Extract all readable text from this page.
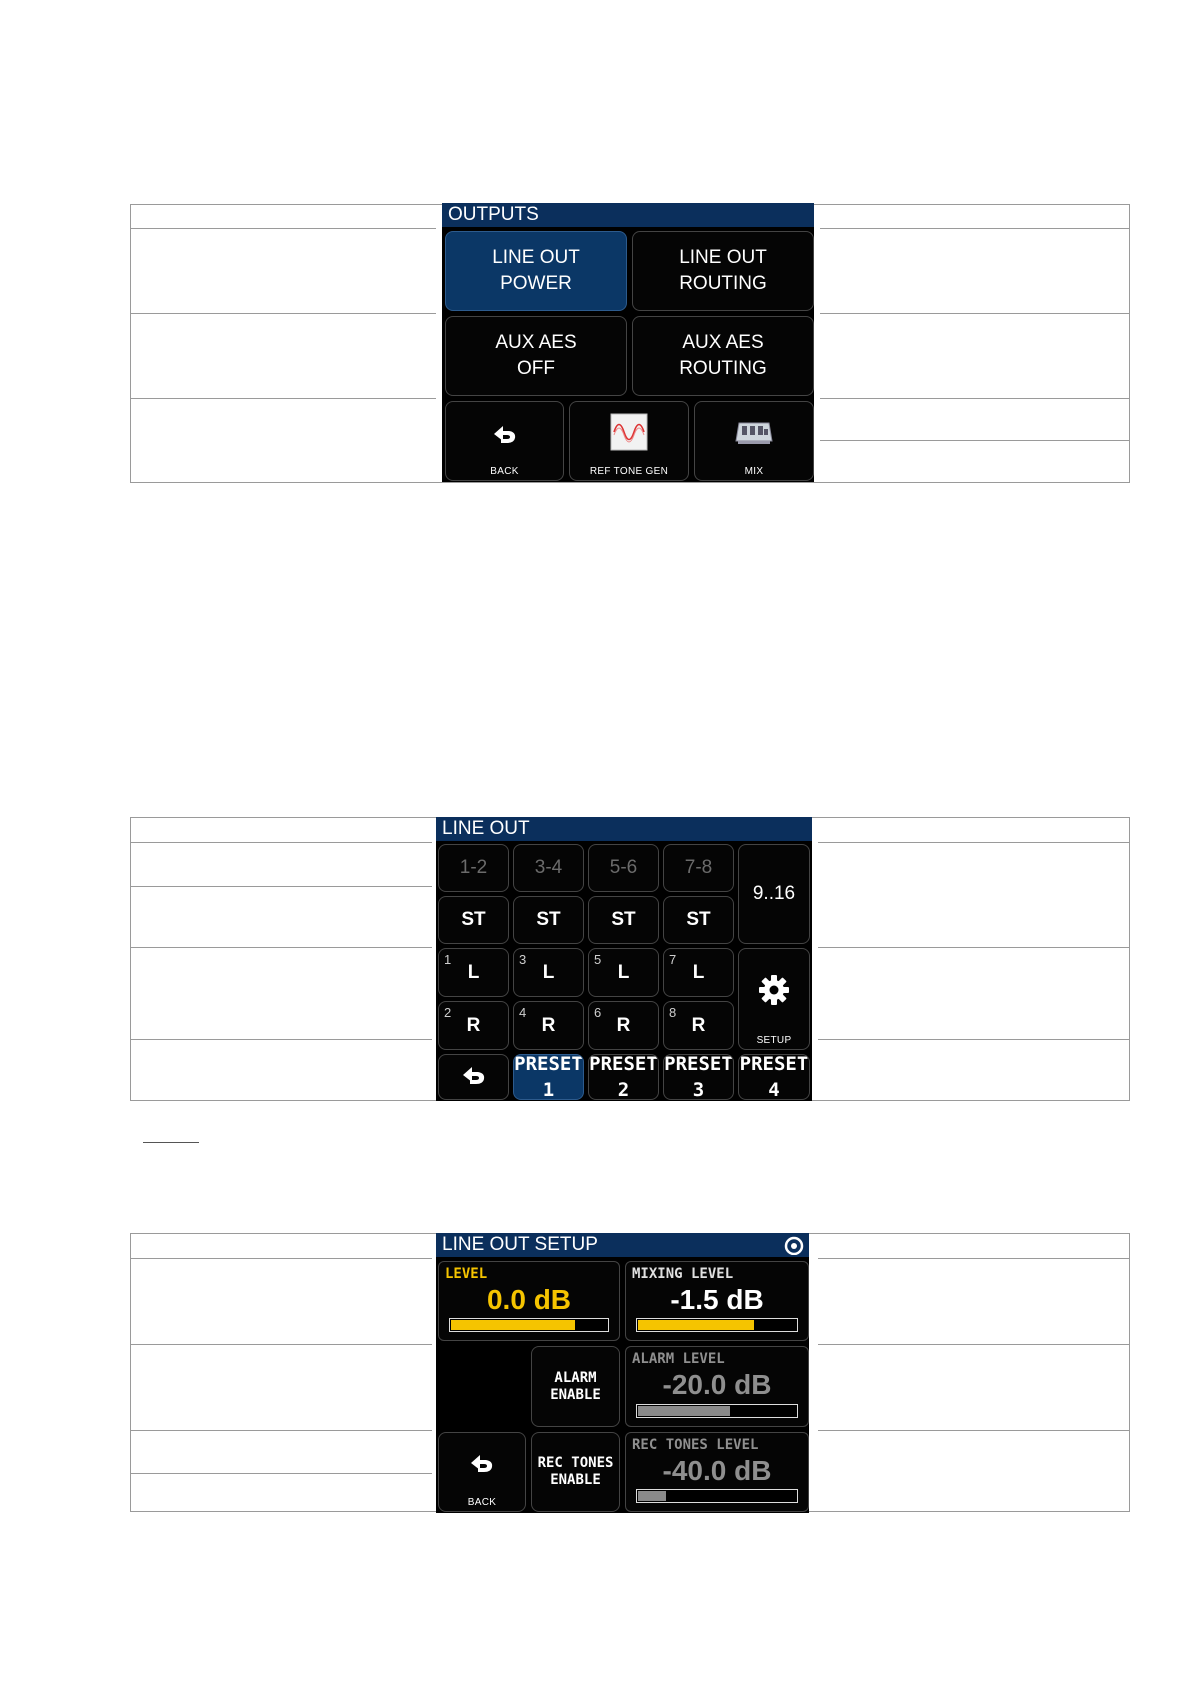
OUTPUTS
LINE OUT
POWER
LINE OUT
ROUTING
AUX AES
OFF
AUX AES
ROUTING
BACK	REF TONE GEN	MIX
LINE OUT
1-2	3-4	5-6	7-8
ST	ST	ST	ST
1
L
3
L
5
L
7
L
2
R
4
R
6
R
8
R
9..16
SETUP
PRESET
1
PRESET
2
PRESET
3
PRESET
4
LINE OUT SETUP
LEVEL
0.0 dB
MIXING LEVEL
-1.5 dB
ALARM
ENABLE
ALARM LEVEL
-20.0 dB
BACK
REC TONES
ENABLE
REC TONES LEVEL
-40.0 dB
